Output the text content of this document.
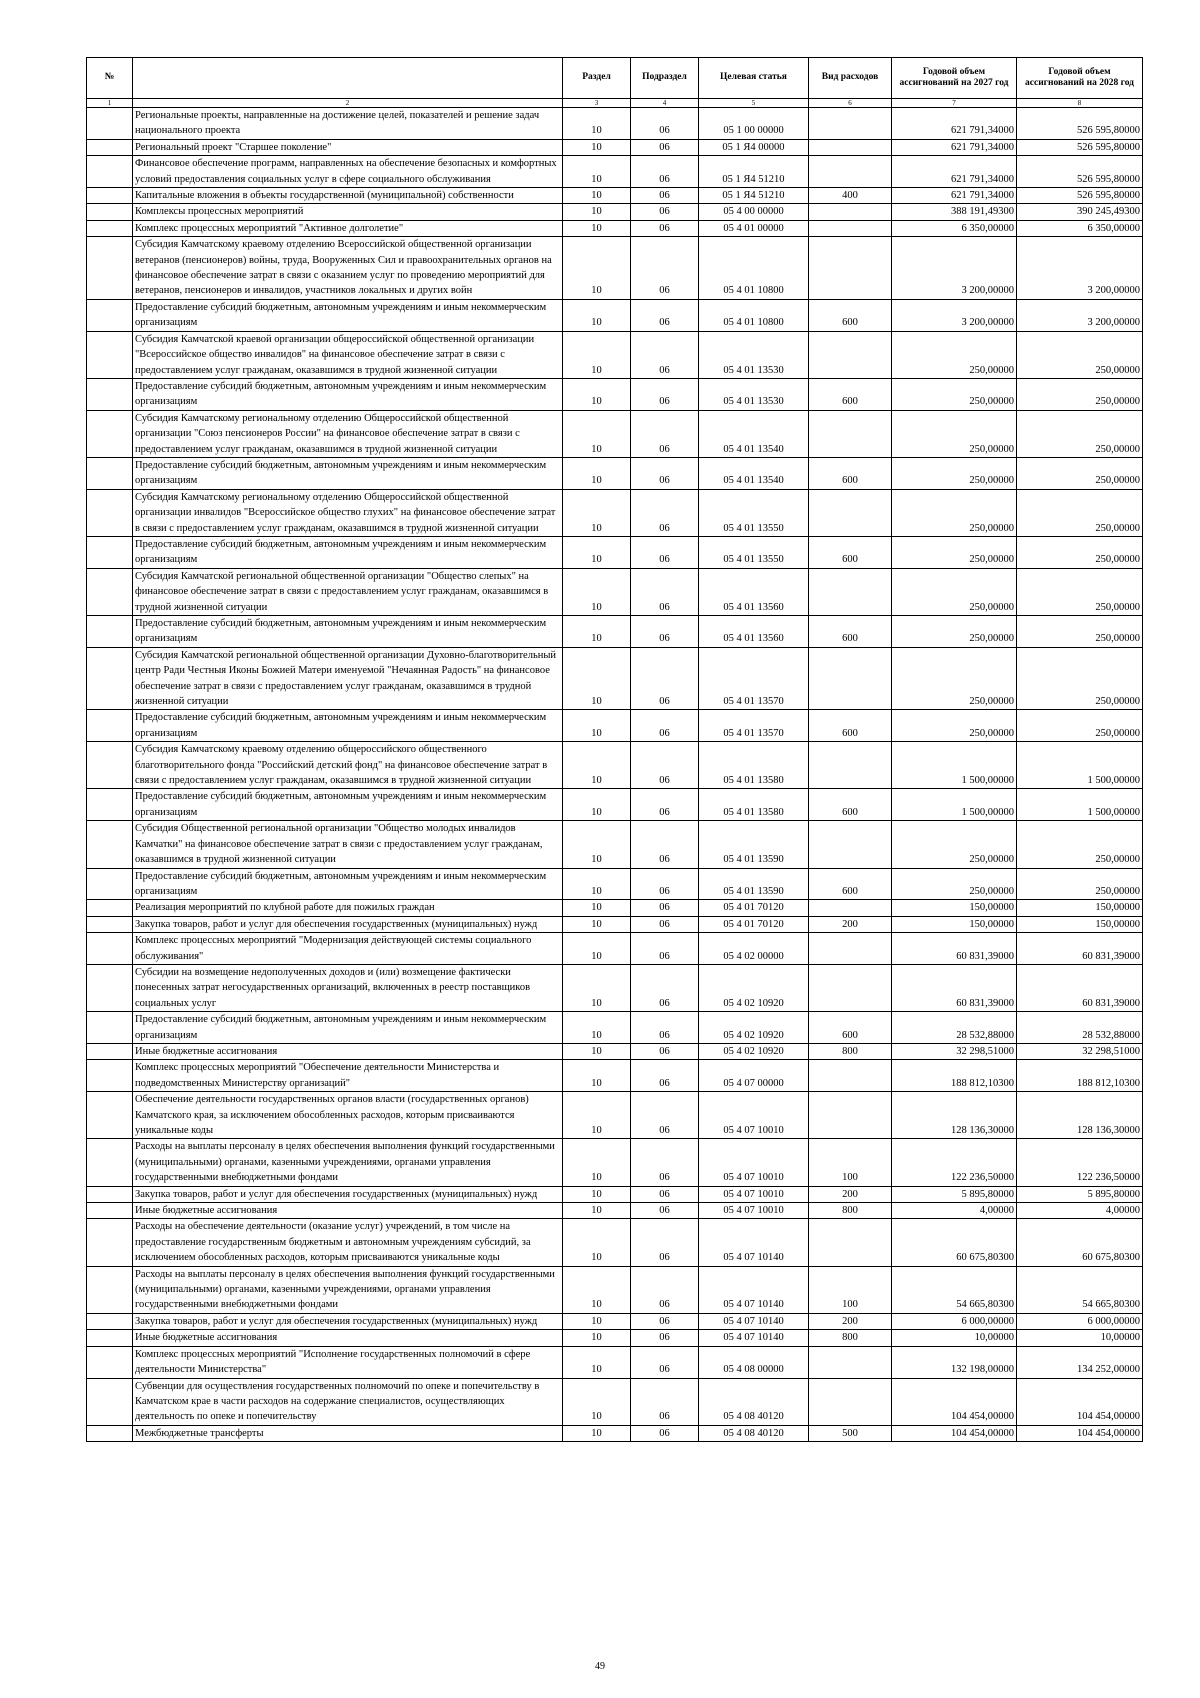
№		Раздел	Подраздел	Целевая статья	Вид расходов	Годовой объем ассигнований на 2027 год	Годовой объем ассигнований на 2028 год
1	2	3	4	5	6	7	8
	Региональные проекты, направленные на достижение целей, показателей и решение задач национального проекта	10	06	05 1 00 00000		621 791,34000	526 595,80000
	Региональный проект "Старшее поколение"	10	06	05 1 Я4 00000		621 791,34000	526 595,80000
	Финансовое обеспечение программ, направленных на обеспечение безопасных и комфортных условий предоставления социальных услуг в сфере социального обслуживания	10	06	05 1 Я4 51210		621 791,34000	526 595,80000
	Капитальные вложения в объекты государственной (муниципальной) собственности	10	06	05 1 Я4 51210	400	621 791,34000	526 595,80000
	Комплексы процессных мероприятий	10	06	05 4 00 00000		388 191,49300	390 245,49300
	Комплекс процессных мероприятий "Активное долголетие"	10	06	05 4 01 00000		6 350,00000	6 350,00000
	Субсидия Камчатскому краевому отделению Всероссийской общественной организации ветеранов (пенсионеров) войны, труда, Вооруженных Сил и правоохранительных органов на финансовое обеспечение затрат в связи с оказанием услуг по проведению мероприятий для ветеранов, пенсионеров и инвалидов, участников локальных и других войн	10	06	05 4 01 10800		3 200,00000	3 200,00000
	Предоставление субсидий бюджетным, автономным учреждениям и иным некоммерческим организациям	10	06	05 4 01 10800	600	3 200,00000	3 200,00000
	Субсидия Камчатской краевой организации общероссийской общественной организации "Всероссийское общество инвалидов" на финансовое обеспечение затрат в связи с предоставлением услуг гражданам, оказавшимся в трудной жизненной ситуации	10	06	05 4 01 13530		250,00000	250,00000
	Предоставление субсидий бюджетным, автономным учреждениям и иным некоммерческим организациям	10	06	05 4 01 13530	600	250,00000	250,00000
	Субсидия Камчатскому региональному отделению Общероссийской общественной организации "Союз пенсионеров России" на финансовое обеспечение затрат в связи с предоставлением услуг гражданам, оказавшимся в трудной жизненной ситуации	10	06	05 4 01 13540		250,00000	250,00000
	Предоставление субсидий бюджетным, автономным учреждениям и иным некоммерческим организациям	10	06	05 4 01 13540	600	250,00000	250,00000
	Субсидия Камчатскому региональному отделению Общероссийской общественной организации инвалидов "Всероссийское общество глухих" на финансовое обеспечение затрат в связи с предоставлением услуг гражданам, оказавшимся в трудной жизненной ситуации	10	06	05 4 01 13550		250,00000	250,00000
	Предоставление субсидий бюджетным, автономным учреждениям и иным некоммерческим организациям	10	06	05 4 01 13550	600	250,00000	250,00000
	Субсидия Камчатской региональной общественной организации "Общество слепых" на финансовое обеспечение затрат в связи с предоставлением услуг гражданам, оказавшимся в трудной жизненной ситуации	10	06	05 4 01 13560		250,00000	250,00000
	Предоставление субсидий бюджетным, автономным учреждениям и иным некоммерческим организациям	10	06	05 4 01 13560	600	250,00000	250,00000
	Субсидия Камчатской региональной общественной организации Духовно-благотворительный центр Ради Честныя Иконы Божией Матери именуемой "Нечаянная Радость" на финансовое обеспечение затрат в связи с предоставлением услуг гражданам, оказавшимся в трудной жизненной ситуации	10	06	05 4 01 13570		250,00000	250,00000
	Предоставление субсидий бюджетным, автономным учреждениям и иным некоммерческим организациям	10	06	05 4 01 13570	600	250,00000	250,00000
	Субсидия Камчатскому краевому отделению общероссийского общественного благотворительного фонда "Российский детский фонд" на финансовое обеспечение затрат в связи с предоставлением услуг гражданам, оказавшимся в трудной жизненной ситуации	10	06	05 4 01 13580		1 500,00000	1 500,00000
	Предоставление субсидий бюджетным, автономным учреждениям и иным некоммерческим организациям	10	06	05 4 01 13580	600	1 500,00000	1 500,00000
	Субсидия Общественной региональной организации "Общество молодых инвалидов Камчатки" на финансовое обеспечение затрат в связи с предоставлением услуг гражданам, оказавшимся в трудной жизненной ситуации	10	06	05 4 01 13590		250,00000	250,00000
	Предоставление субсидий бюджетным, автономным учреждениям и иным некоммерческим организациям	10	06	05 4 01 13590	600	250,00000	250,00000
	Реализация мероприятий по клубной работе для пожилых граждан	10	06	05 4 01 70120		150,00000	150,00000
	Закупка товаров, работ и услуг для обеспечения государственных (муниципальных) нужд	10	06	05 4 01 70120	200	150,00000	150,00000
	Комплекс процессных мероприятий "Модернизация действующей системы социального обслуживания"	10	06	05 4 02 00000		60 831,39000	60 831,39000
	Субсидии на возмещение недополученных доходов и (или) возмещение фактически понесенных затрат негосударственных организаций, включенных в реестр поставщиков социальных услуг	10	06	05 4 02 10920		60 831,39000	60 831,39000
	Предоставление субсидий бюджетным, автономным учреждениям и иным некоммерческим организациям	10	06	05 4 02 10920	600	28 532,88000	28 532,88000
	Иные бюджетные ассигнования	10	06	05 4 02 10920	800	32 298,51000	32 298,51000
	Комплекс процессных мероприятий "Обеспечение деятельности Министерства и подведомственных Министерству организаций"	10	06	05 4 07 00000		188 812,10300	188 812,10300
	Обеспечение деятельности государственных органов власти (государственных органов) Камчатского края, за исключением обособленных расходов, которым присваиваются уникальные коды	10	06	05 4 07 10010		128 136,30000	128 136,30000
	Расходы на выплаты персоналу в целях обеспечения выполнения функций государственными (муниципальными) органами, казенными учреждениями, органами управления государственными внебюджетными фондами	10	06	05 4 07 10010	100	122 236,50000	122 236,50000
	Закупка товаров, работ и услуг для обеспечения государственных (муниципальных) нужд	10	06	05 4 07 10010	200	5 895,80000	5 895,80000
	Иные бюджетные ассигнования	10	06	05 4 07 10010	800	4,00000	4,00000
	Расходы на обеспечение деятельности (оказание услуг) учреждений, в том числе на предоставление государственным бюджетным и автономным учреждениям субсидий, за исключением обособленных расходов, которым присваиваются уникальные коды	10	06	05 4 07 10140		60 675,80300	60 675,80300
	Расходы на выплаты персоналу в целях обеспечения выполнения функций государственными (муниципальными) органами, казенными учреждениями, органами управления государственными внебюджетными фондами	10	06	05 4 07 10140	100	54 665,80300	54 665,80300
	Закупка товаров, работ и услуг для обеспечения государственных (муниципальных) нужд	10	06	05 4 07 10140	200	6 000,00000	6 000,00000
	Иные бюджетные ассигнования	10	06	05 4 07 10140	800	10,00000	10,00000
	Комплекс процессных мероприятий "Исполнение государственных полномочий в сфере деятельности Министерства"	10	06	05 4 08 00000		132 198,00000	134 252,00000
	Субвенции для осуществления государственных полномочий по опеке и попечительству в Камчатском крае в части расходов на содержание специалистов, осуществляющих деятельность по опеке и попечительству	10	06	05 4 08 40120		104 454,00000	104 454,00000
	Межбюджетные трансферты	10	06	05 4 08 40120	500	104 454,00000	104 454,00000
49
